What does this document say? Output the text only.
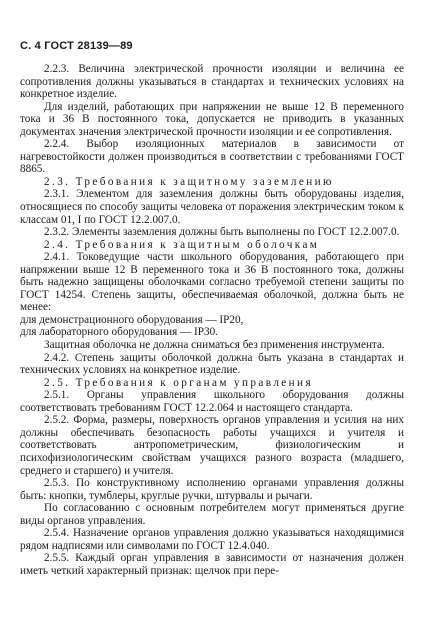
С. 4 ГОСТ 28139—89

2.2.3. Величина электрической прочности изоляции и величина ее сопротивления должны указываться в стандартах и технических условиях на конкретное изделие.

Для изделий, работающих при напряжении не выше 12 В переменного тока и 36 В постоянного тока, допускается не приводить в указанных документах значения электрической прочности изоляции и ее сопротивления.

2.2.4. Выбор изоляционных материалов в зависимости от нагревостойкости должен производиться в соответствии с требованиями ГОСТ 8865.

2.3. Требования к защитному заземлению

2.3.1. Элементом для заземления должны быть оборудованы изделия, относящиеся по способу защиты человека от поражения электрическим током к классам 01, I по ГОСТ 12.2.007.0.

2.3.2. Элементы заземления должны быть выполнены по ГОСТ 12.2.007.0.

2.4. Требования к защитным оболочкам

2.4.1. Токоведущие части школьного оборудования, работающего при напряжении выше 12 В переменного тока и 36 В постоянного тока, должны быть надежно защищены оболочками согласно требуемой степени защиты по ГОСТ 14254. Степень защиты, обеспечиваемая оболочкой, должна быть не менее:

для демонстрационного оборудования — IP20,

для лабораторного оборудования — IP30.

Защитная оболочка не должна сниматься без применения инструмента.

2.4.2. Степень защиты оболочкой должна быть указана в стандартах и технических условиях на конкретное изделие.

2.5. Требования к органам управления

2.5.1. Органы управления школьного оборудования должны соответствовать требованиям ГОСТ 12.2.064 и настоящего стандарта.

2.5.2. Форма, размеры, поверхность органов управления и усилия на них должны обеспечивать безопасность работы учащихся и учителя и соответствовать антропометрическим, физиологическим и психофизиологическим свойствам учащихся разного возраста (младшего, среднего и старшего) и учителя.

2.5.3. По конструктивному исполнению органами управления должны быть: кнопки, тумблеры, круглые ручки, штурвалы и рычаги.

По согласованию с основным потребителем могут применяться другие виды органов управления.

2.5.4. Назначение органов управления должно указываться находящимися рядом надписями или символами по ГОСТ 12.4.040.

2.5.5. Каждый орган управления в зависимости от назначения должен иметь четкий характерный признак: щелчок при пере-
